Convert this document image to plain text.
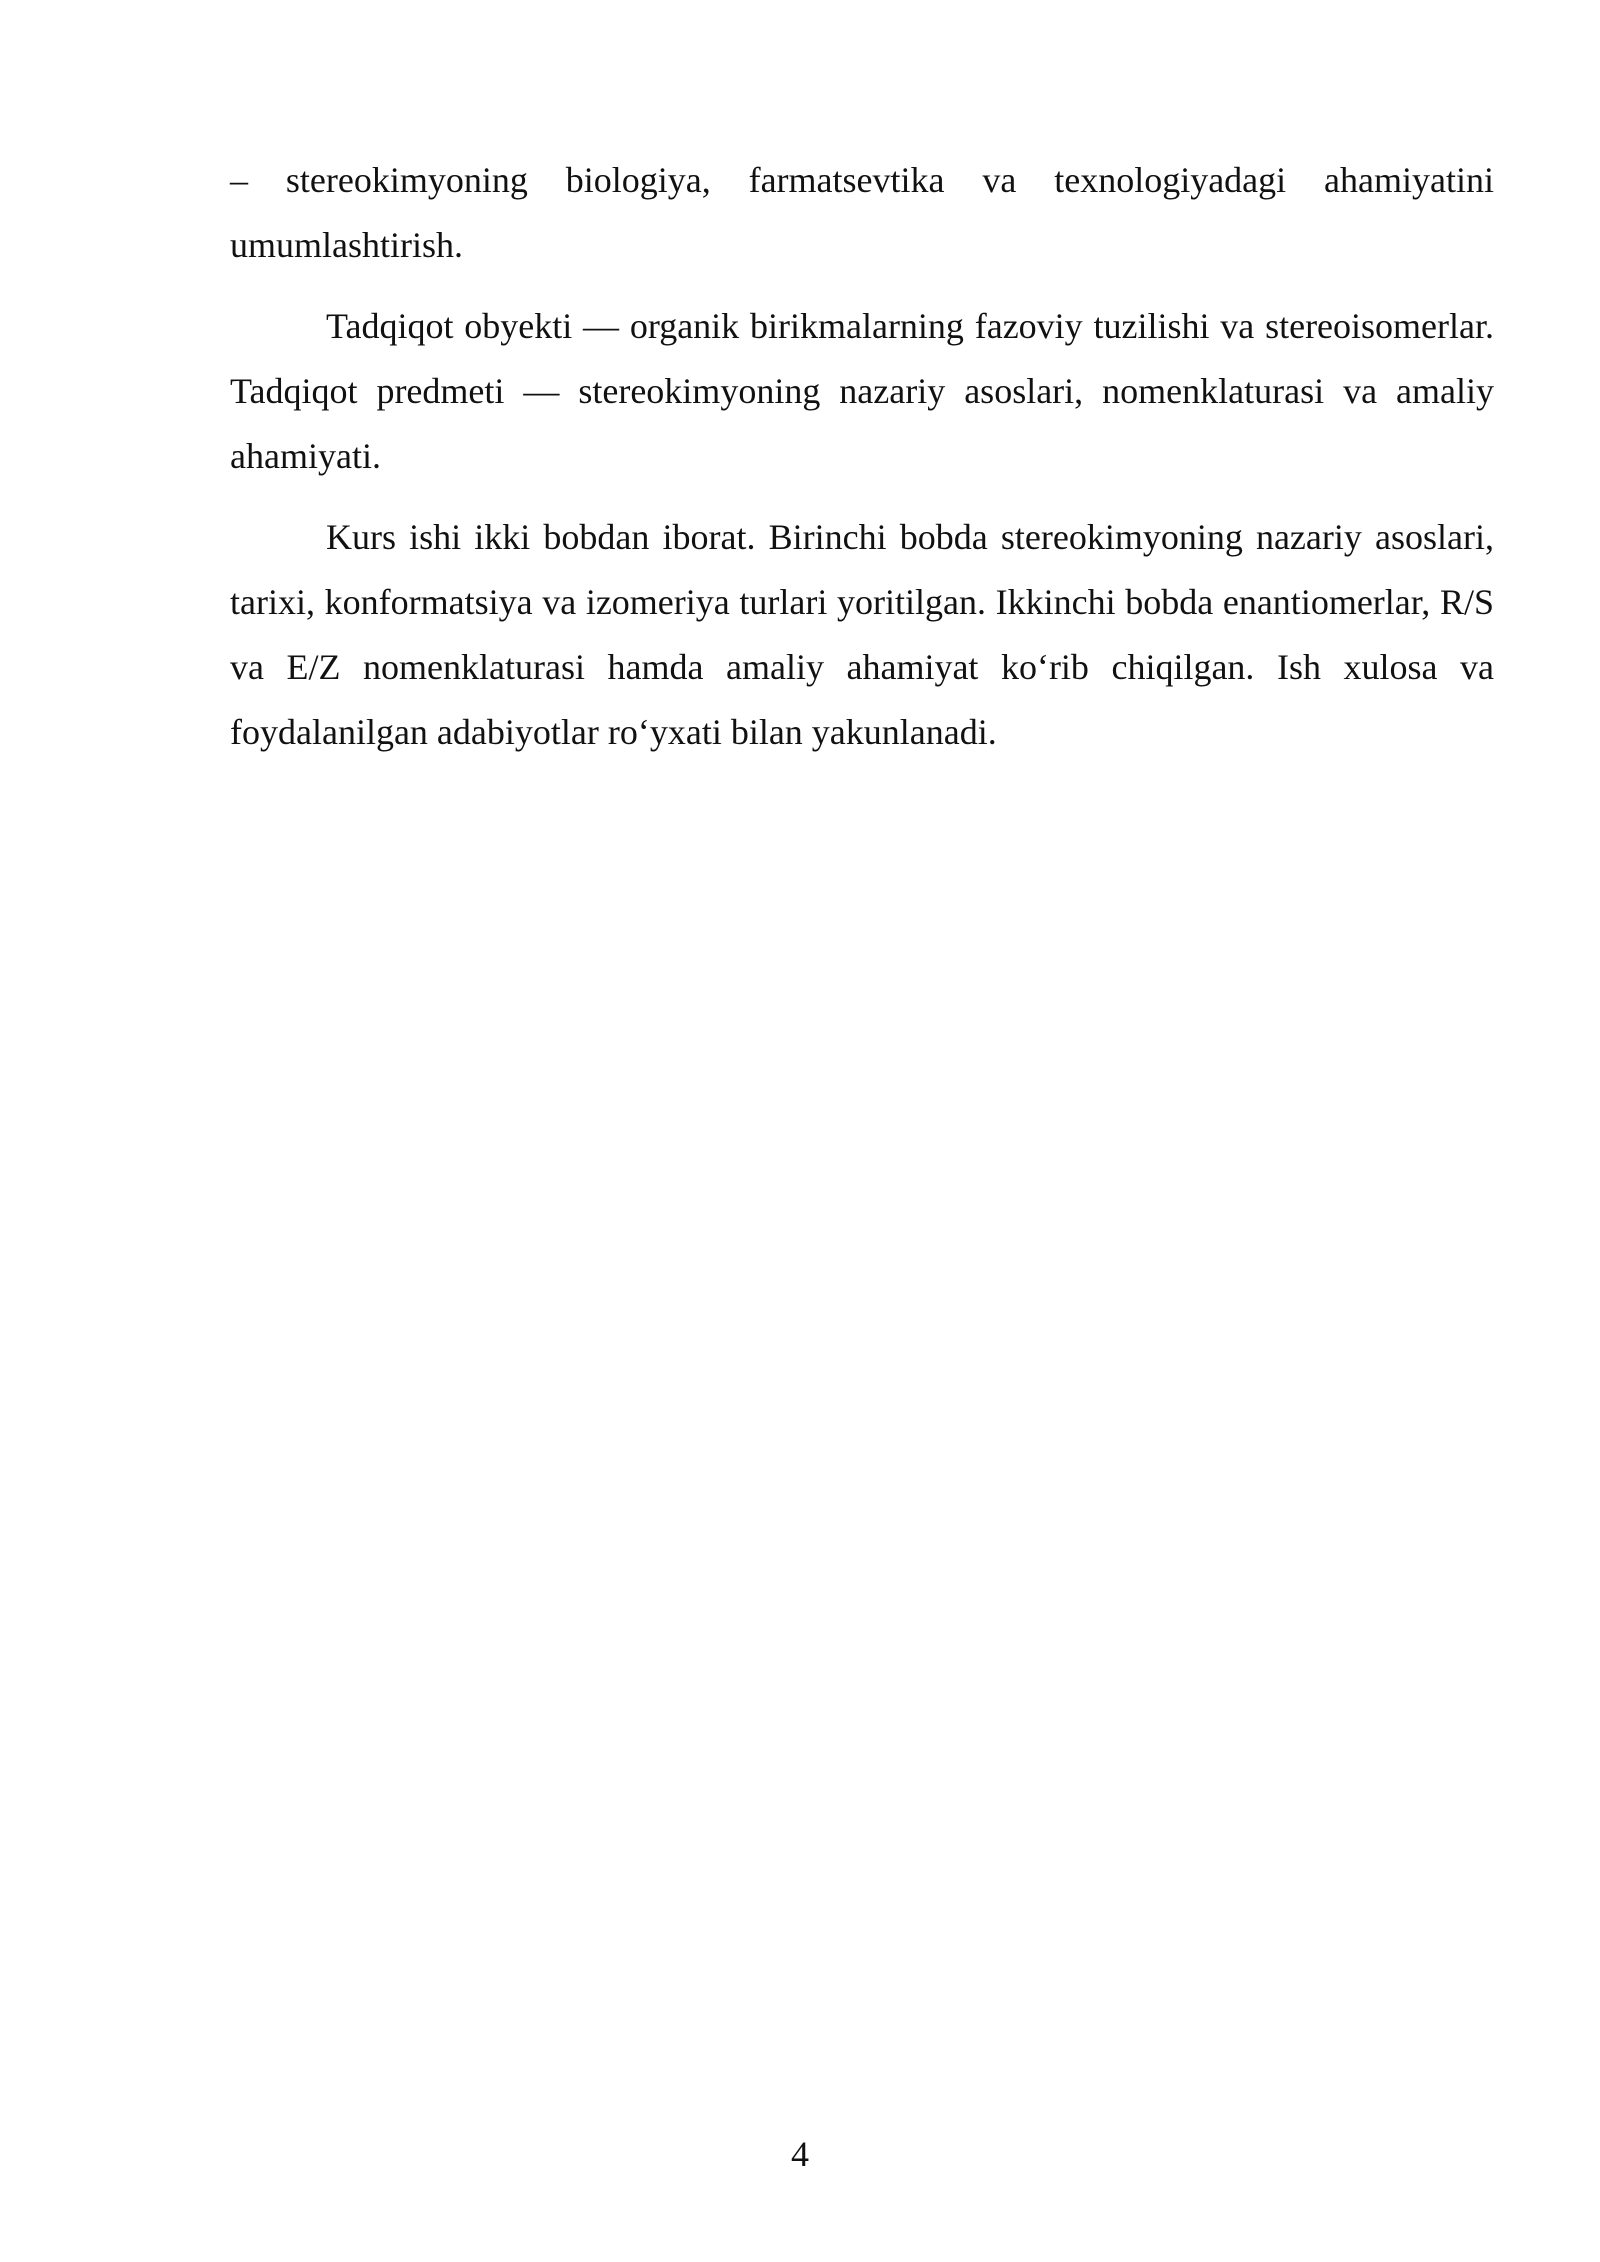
– stereokimyoning biologiya, farmatsevtika va texnologiyadagi ahamiyatini umumlashtirish.

Tadqiqot obyekti — organik birikmalarning fazoviy tuzilishi va stereoisomerlar. Tadqiqot predmeti — stereokimyoning nazariy asoslari, nomenklaturasi va amaliy ahamiyati.

Kurs ishi ikki bobdan iborat. Birinchi bobda stereokimyoning nazariy asoslari, tarixi, konformatsiya va izomeriya turlari yoritilgan. Ikkinchi bobda enantiomerlar, R/S va E/Z nomenklaturasi hamda amaliy ahamiyat ko‘rib chiqilgan. Ish xulosa va foydalanilgan adabiyotlar ro‘yxati bilan yakunlanadi.

4
